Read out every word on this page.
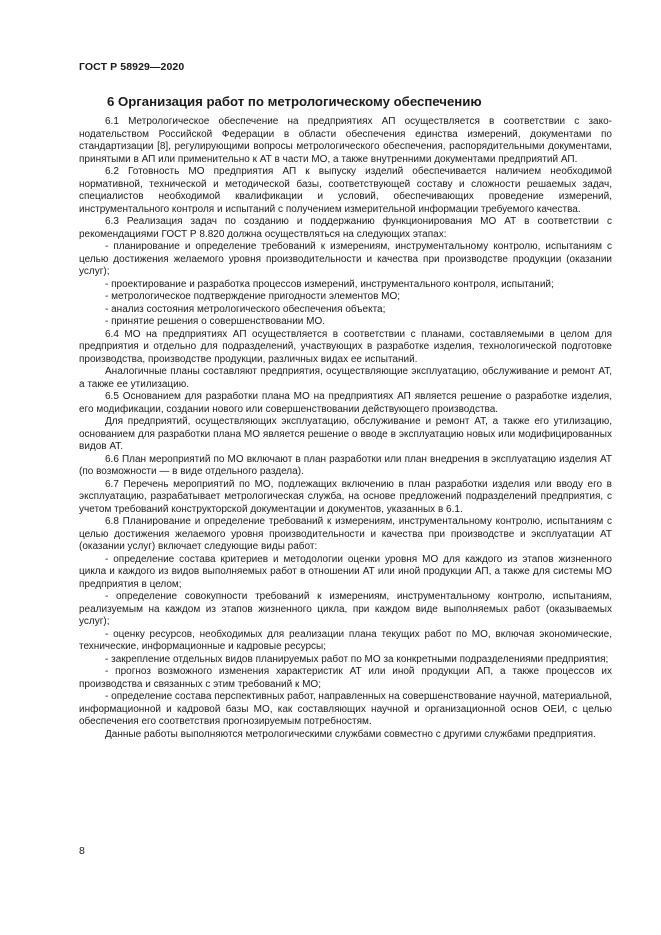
ГОСТ Р 58929—2020
6 Организация работ по метрологическому обеспечению

6.1 Метрологическое обеспечение на предприятиях АП осуществляется в соответствии с законодательством Российской Федерации в области обеспечения единства измерений, документами по стандартизации [8], регулирующими вопросы метрологического обеспечения, распорядительными документами, принятыми в АП или применительно к АТ в части МО, а также внутренними документами предприятий АП.

6.2 Готовность МО предприятия АП к выпуску изделий обеспечивается наличием необходимой нормативной, технической и методической базы, соответствующей составу и сложности решаемых задач, специалистов необходимой квалификации и условий, обеспечивающих проведение измерений, инструментального контроля и испытаний с получением измерительной информации требуемого качества.

6.3 Реализация задач по созданию и поддержанию функционирования МО АТ в соответствии с рекомендациями ГОСТ Р 8.820 должна осуществляться на следующих этапах:

- планирование и определение требований к измерениям, инструментальному контролю, испытаниям с целью достижения желаемого уровня производительности и качества при производстве продукции (оказании услуг);

- проектирование и разработка процессов измерений, инструментального контроля, испытаний;

- метрологическое подтверждение пригодности элементов МО;

- анализ состояния метрологического обеспечения объекта;

- принятие решения о совершенствовании МО.

6.4 МО на предприятиях АП осуществляется в соответствии с планами, составляемыми в целом для предприятия и отдельно для подразделений, участвующих в разработке изделия, технологической подготовке производства, производстве продукции, различных видах ее испытаний.

Аналогичные планы составляют предприятия, осуществляющие эксплуатацию, обслуживание и ремонт АТ, а также ее утилизацию.

6.5 Основанием для разработки плана МО на предприятиях АП является решение о разработке изделия, его модификации, создании нового или совершенствовании действующего производства.

Для предприятий, осуществляющих эксплуатацию, обслуживание и ремонт АТ, а также его утилизацию, основанием для разработки плана МО является решение о вводе в эксплуатацию новых или модифицированных видов АТ.

6.6 План мероприятий по МО включают в план разработки или план внедрения в эксплуатацию изделия АТ (по возможности — в виде отдельного раздела).

6.7 Перечень мероприятий по МО, подлежащих включению в план разработки изделия или вводу его в эксплуатацию, разрабатывает метрологическая служба, на основе предложений подразделений предприятия, с учетом требований конструкторской документации и документов, указанных в 6.1.

6.8 Планирование и определение требований к измерениям, инструментальному контролю, испытаниям с целью достижения желаемого уровня производительности и качества при производстве и эксплуатации АТ (оказании услуг) включает следующие виды работ:

- определение состава критериев и методологии оценки уровня МО для каждого из этапов жизненного цикла и каждого из видов выполняемых работ в отношении АТ или иной продукции АП, а также для системы МО предприятия в целом;

- определение совокупности требований к измерениям, инструментальному контролю, испытаниям, реализуемым на каждом из этапов жизненного цикла, при каждом виде выполняемых работ (оказываемых услуг);

- оценку ресурсов, необходимых для реализации плана текущих работ по МО, включая экономические, технические, информационные и кадровые ресурсы;

- закрепление отдельных видов планируемых работ по МО за конкретными подразделениями предприятия;

- прогноз возможного изменения характеристик АТ или иной продукции АП, а также процессов их производства и связанных с этим требований к МО;

- определение состава перспективных работ, направленных на совершенствование научной, материальной, информационной и кадровой базы МО, как составляющих научной и организационной основ ОЕИ, с целью обеспечения его соответствия прогнозируемым потребностям.

Данные работы выполняются метрологическими службами совместно с другими службами предприятия.

8
